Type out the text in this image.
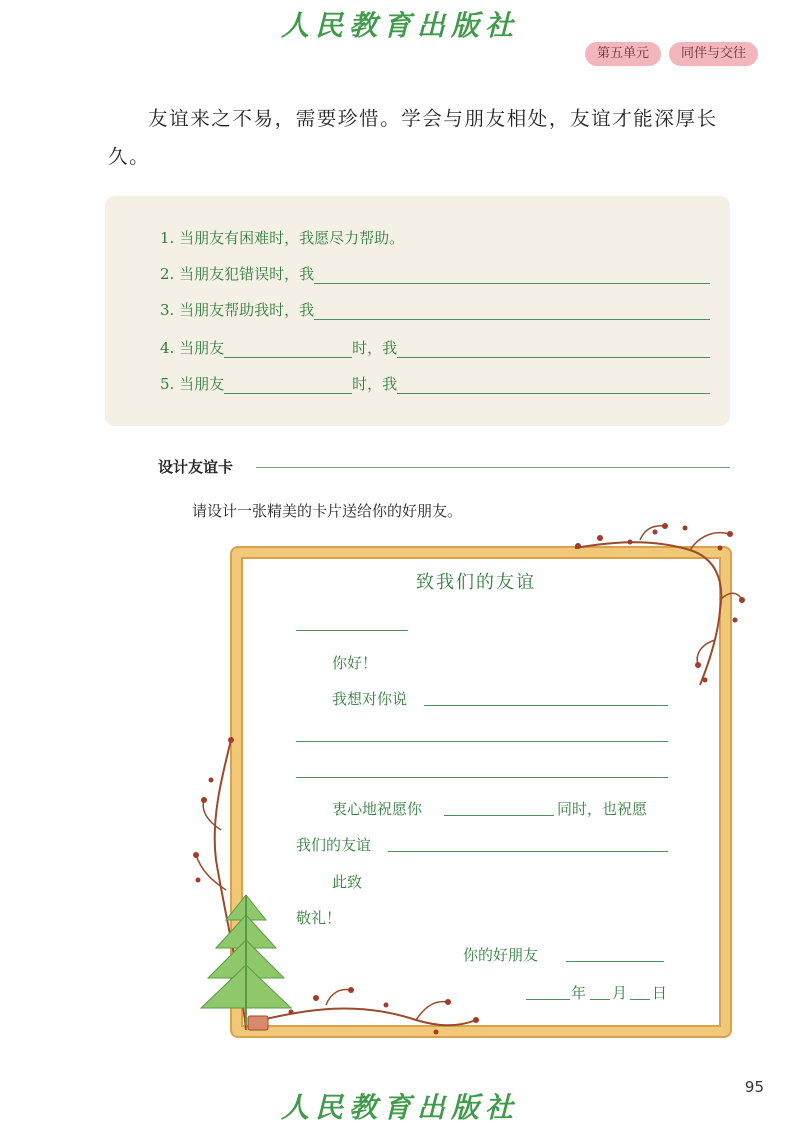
人民教育出版社
第五单元	同伴与交往
友谊来之不易，需要珍惜。学会与朋友相处，友谊才能深厚长久。
1. 当朋友有困难时，我愿尽力帮助。
2. 当朋友犯错误时，我
3. 当朋友帮助我时，我
4. 当朋友	时，我
5. 当朋友	时，我
设计友谊卡
请设计一张精美的卡片送给你的好朋友。
致我们的友谊
你好！
我想对你说
衷心地祝愿你	同时，也祝愿
我们的友谊
此致
敬礼！
你的好朋友
年 月 日
95
人民教育出版社
